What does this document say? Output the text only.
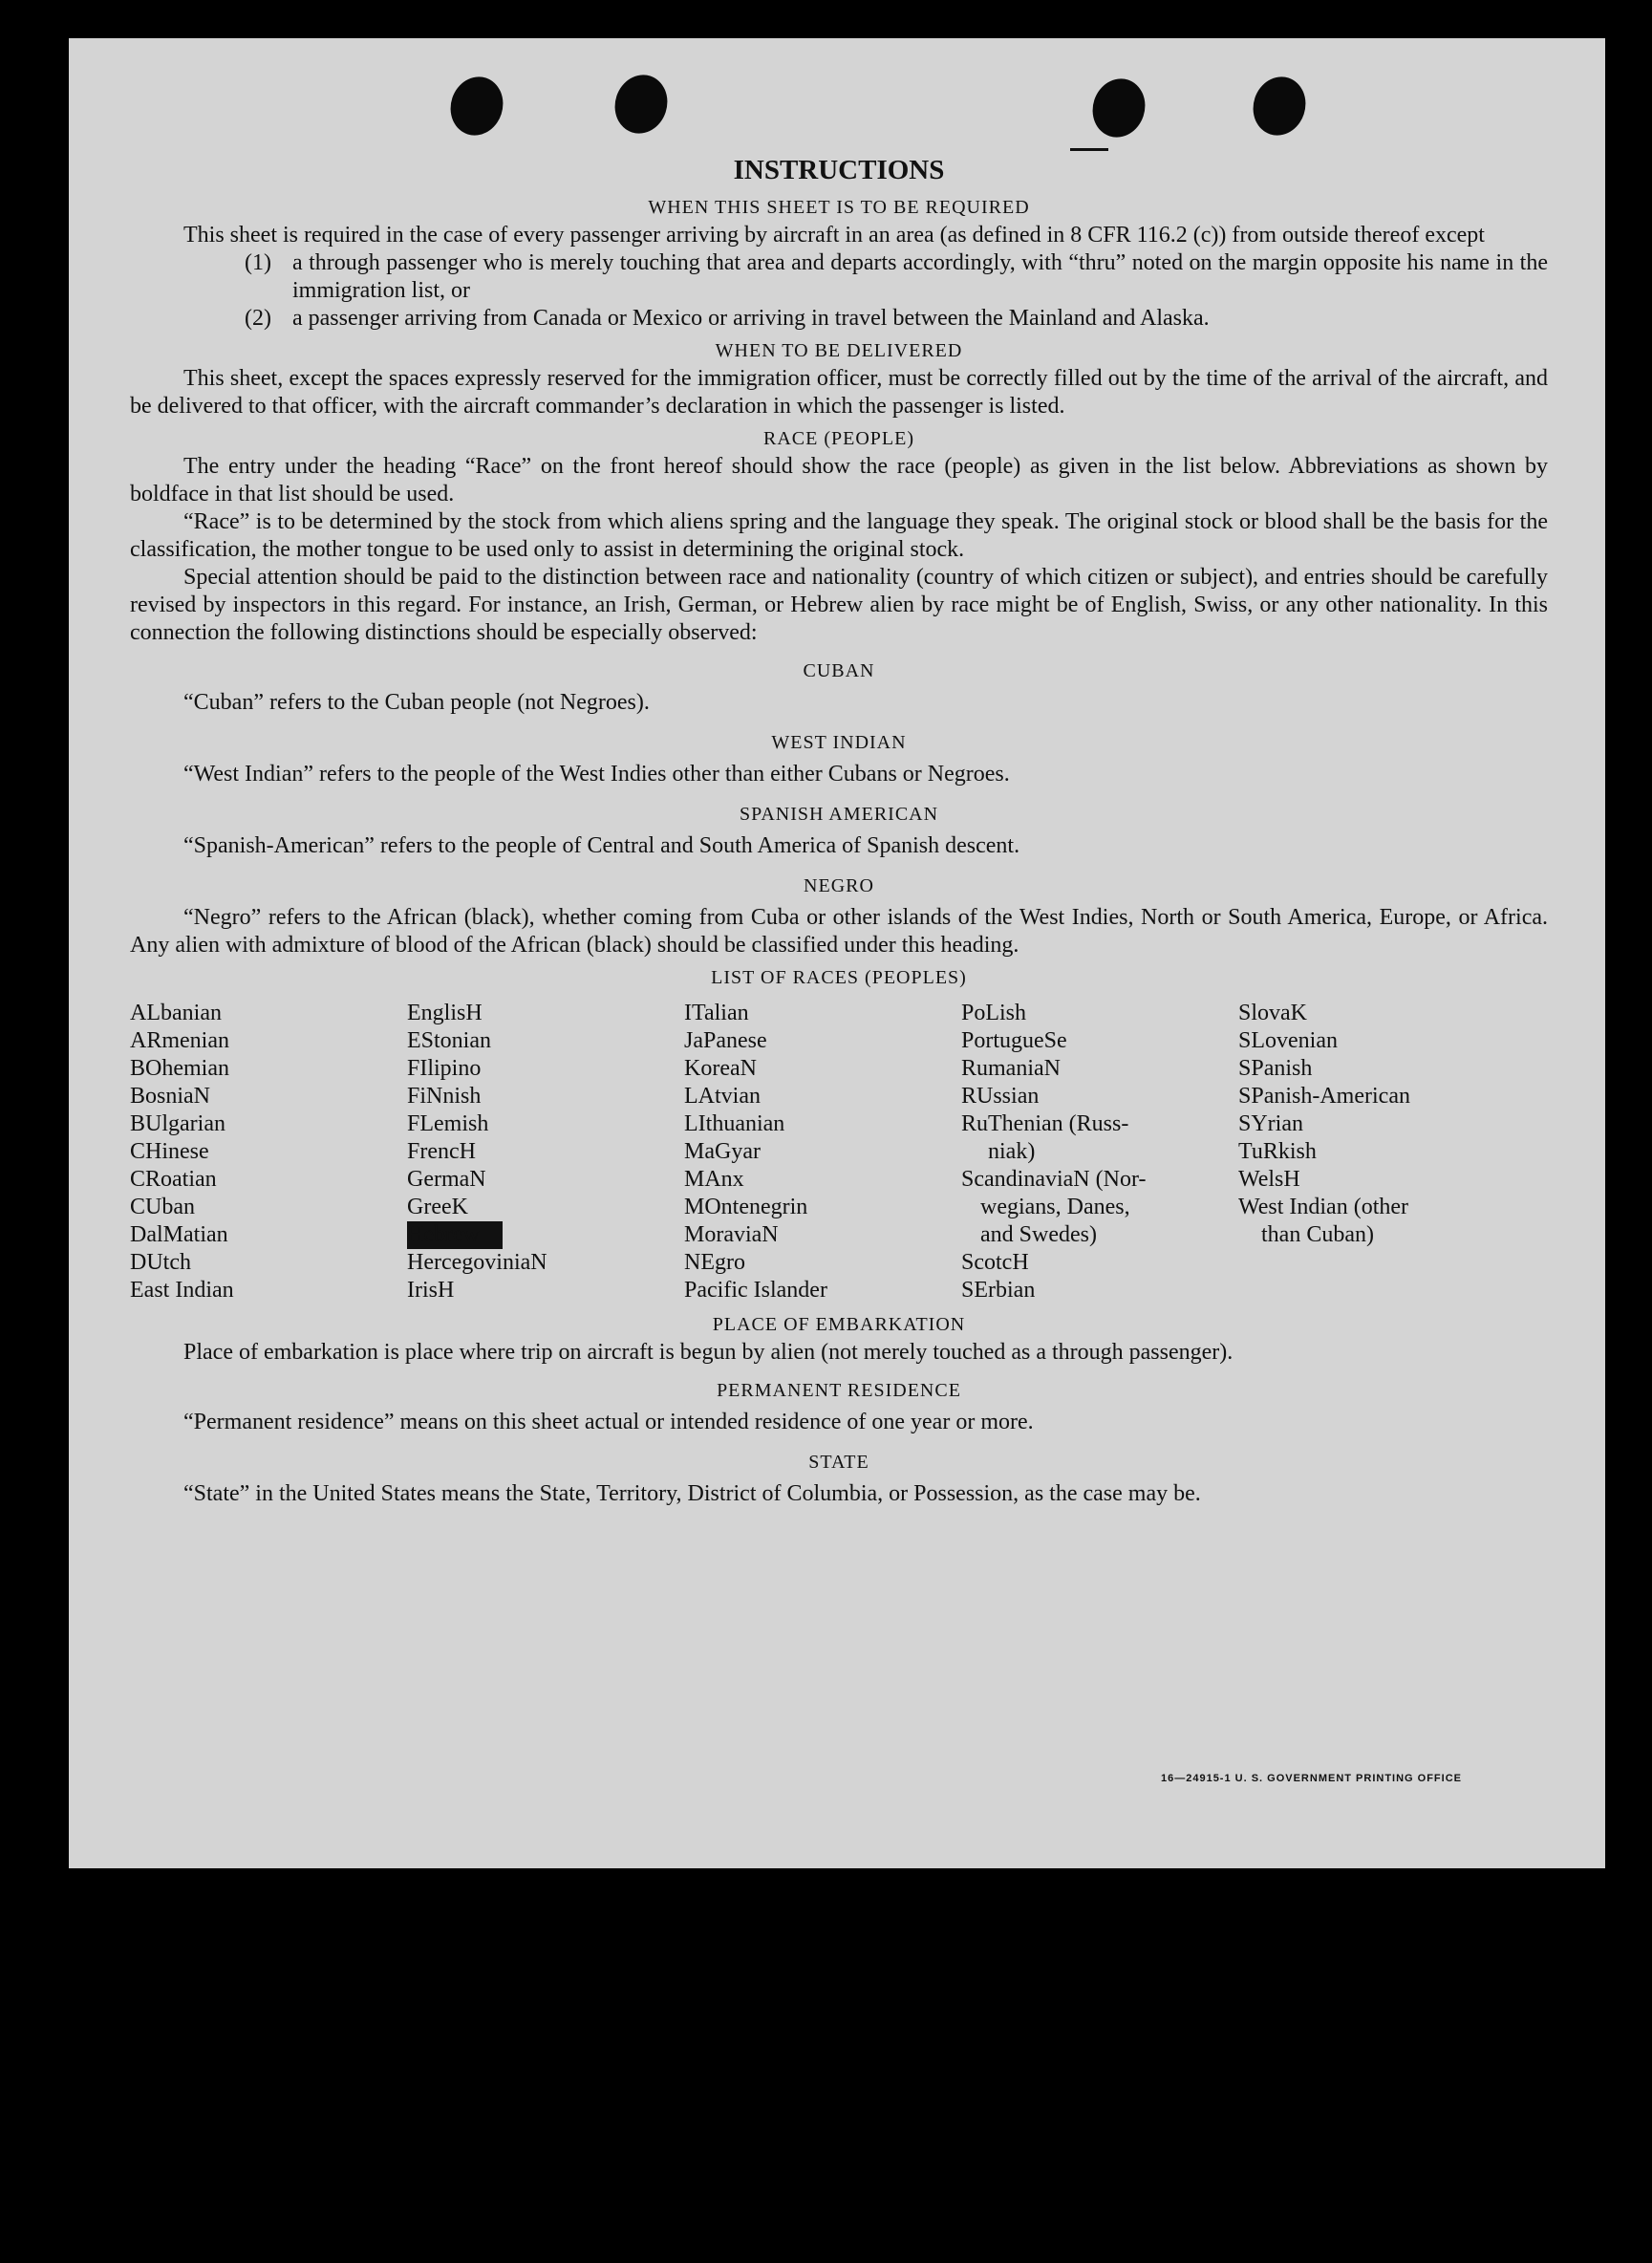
INSTRUCTIONS
WHEN THIS SHEET IS TO BE REQUIRED

This sheet is required in the case of every passenger arriving by aircraft in an area (as defined in 8 CFR 116.2 (c)) from outside thereof except

(1) a through passenger who is merely touching that area and departs accordingly, with “thru” noted on the margin opposite his name in the immigration list, or
(2) a passenger arriving from Canada or Mexico or arriving in travel between the Mainland and Alaska.
WHEN TO BE DELIVERED

This sheet, except the spaces expressly reserved for the immigration officer, must be correctly filled out by the time of the arrival of the aircraft, and be delivered to that officer, with the aircraft commander’s declaration in which the passenger is listed.

RACE (PEOPLE)

The entry under the heading “Race” on the front hereof should show the race (people) as given in the list below. Abbreviations as shown by boldface in that list should be used.

“Race” is to be determined by the stock from which aliens spring and the language they speak. The original stock or blood shall be the basis for the classification, the mother tongue to be used only to assist in determining the original stock.

Special attention should be paid to the distinction between race and nationality (country of which citizen or subject), and entries should be carefully revised by inspectors in this regard. For instance, an Irish, German, or Hebrew alien by race might be of English, Swiss, or any other nationality. In this connection the following distinctions should be especially observed:

CUBAN

“Cuban” refers to the Cuban people (not Negroes).

WEST INDIAN

“West Indian” refers to the people of the West Indies other than either Cubans or Negroes.

SPANISH AMERICAN

“Spanish-American” refers to the people of Central and South America of Spanish descent.

NEGRO

“Negro” refers to the African (black), whether coming from Cuba or other islands of the West Indies, North or South America, Europe, or Africa. Any alien with admixture of blood of the African (black) should be classified under this heading.

LIST OF RACES (PEOPLES)
ALbanian
ARmenian
BOhemian
BosniaN
BUlgarian
CHinese
CRoatian
CUban
DalMatian
DUtch
East Indian
EnglisH
EStonian
FIlipino
FiNnish
FLemish
FrencH
GermaN
GreeK
Hebrew
HercegoviniaN
IrisH
ITalian
JaPanese
KoreaN
LAtvian
LIthuanian
MaGyar
MAnx
MOntenegrin
MoraviaN
NEgro
Pacific Islander
PoLish
PortugueSe
RumaniaN
RUssian
RuThenian (Russ-
niak)
ScandinaviaN (Nor-
wegians, Danes,
and Swedes)
ScotcH
SErbian
SlovaK
SLovenian
SPanish
SPanish-American
SYrian
TuRkish
WelsH
West Indian (other
than Cuban)
PLACE OF EMBARKATION

Place of embarkation is place where trip on aircraft is begun by alien (not merely touched as a through passenger).

PERMANENT RESIDENCE

“Permanent residence” means on this sheet actual or intended residence of one year or more.

STATE

“State” in the United States means the State, Territory, District of Columbia, or Possession, as the case may be.

16—24915-1 U. S. GOVERNMENT PRINTING OFFICE
